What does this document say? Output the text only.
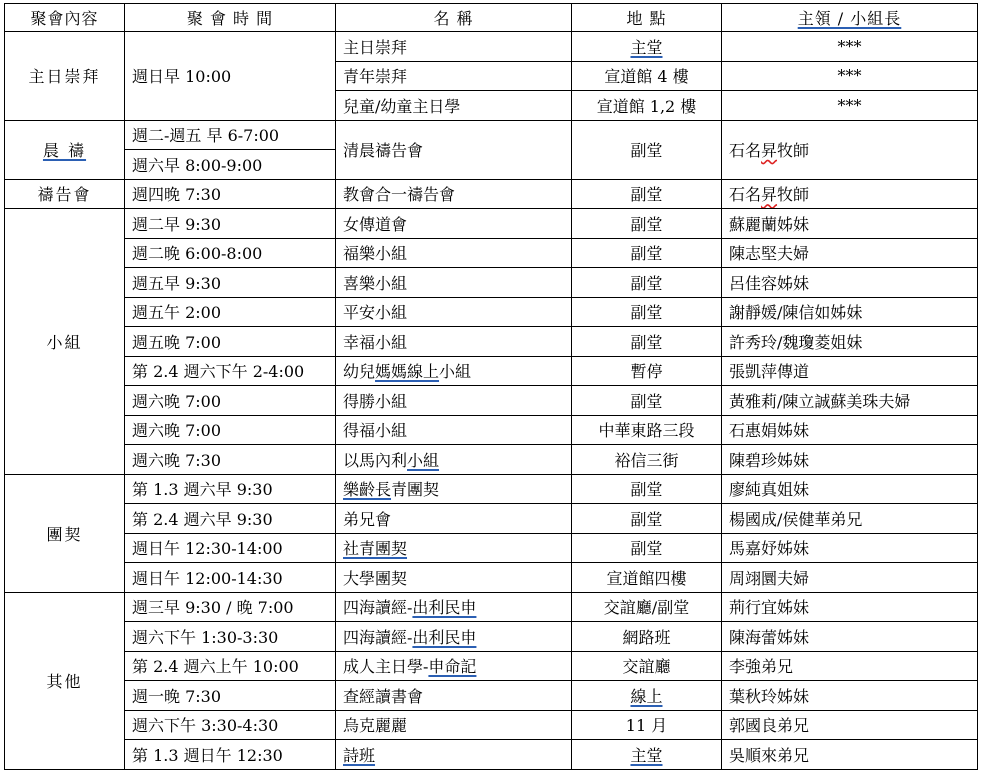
聚會內容	聚 會 時 間	名 稱	地 點	主領 / 小組長
主日崇拜	週日早 10:00	主日崇拜	主堂	***
		青年崇拜	宣道館 4 樓	***
		兒童/幼童主日學	宣道館 1,2 樓	***
晨 禱	週二-週五 早 6-7:00	清晨禱告會	副堂	石名昇牧師
	週六早 8:00-9:00			
禱告會	週四晚 7:30	教會合一禱告會	副堂	石名昇牧師
小組	週二早 9:30	女傳道會	副堂	蘇麗蘭姊妹
	週二晚 6:00-8:00	福樂小組	副堂	陳志堅夫婦
	週五早 9:30	喜樂小組	副堂	呂佳容姊妹
	週五午 2:00	平安小組	副堂	謝靜媛/陳信如姊妹
	週五晚 7:00	幸福小組	副堂	許秀玲/魏瓊菱姐妹
	第 2.4 週六下午 2-4:00	幼兒媽媽線上小組	暫停	張凱萍傳道
	週六晚 7:00	得勝小組	副堂	黃雅莉/陳立誠蘇美珠夫婦
	週六晚 7:00	得福小組	中華東路三段	石惠娟姊妹
	週六晚 7:30	以馬內利小組	裕信三街	陳碧珍姊妹
團契	第 1.3 週六早 9:30	樂齡長青團契	副堂	廖純真姐妹
	第 2.4 週六早 9:30	弟兄會	副堂	楊國成/侯健華弟兄
	週日午 12:30-14:00	社青團契	副堂	馬嘉妤姊妹
	週日午 12:00-14:30	大學團契	宣道館四樓	周翊圜夫婦
其他	週三早 9:30 / 晚 7:00	四海讀經-出利民申	交誼廳/副堂	荊行宜姊妹
	週六下午 1:30-3:30	四海讀經-出利民申	網路班	陳海蕾姊妹
	第 2.4 週六上午 10:00	成人主日學-申命記	交誼廳	李強弟兄
	週一晚 7:30	查經讀書會	線上	葉秋玲姊妹
	週六下午 3:30-4:30	烏克麗麗	11 月	郭國良弟兄
	第 1.3 週日午 12:30	詩班	主堂	吳順來弟兄
